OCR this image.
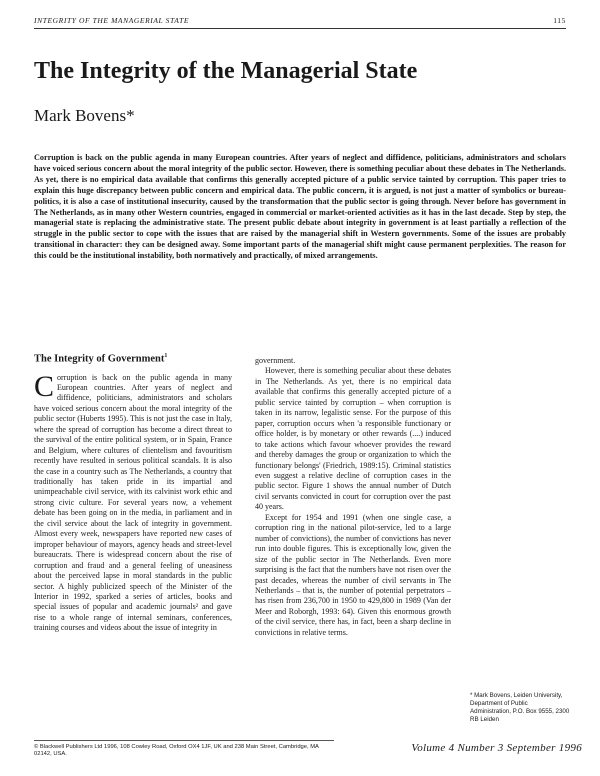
INTEGRITY OF THE MANAGERIAL STATE	115
The Integrity of the Managerial State
Mark Bovens*

Corruption is back on the public agenda in many European countries. After years of neglect and diffidence, politicians, administrators and scholars have voiced serious concern about the moral integrity of the public sector. However, there is something peculiar about these debates in The Netherlands. As yet, there is no empirical data available that confirms this generally accepted picture of a public service tainted by corruption. This paper tries to explain this huge discrepancy between public concern and empirical data. The public concern, it is argued, is not just a matter of symbolics or bureau-politics, it is also a case of institutional insecurity, caused by the transformation that the public sector is going through. Never before has government in The Netherlands, as in many other Western countries, engaged in commercial or market-oriented activities as it has in the last decade. Step by step, the managerial state is replacing the administrative state. The present public debate about integrity in government is at least partially a reflection of the struggle in the public sector to cope with the issues that are raised by the managerial shift in Western governments. Some of the issues are probably transitional in character: they can be designed away. Some important parts of the managerial shift might cause permanent perplexities. The reason for this could be the institutional instability, both normatively and practically, of mixed arrangements.

The Integrity of Government$^1$

Corruption is back on the public agenda in many European countries. After years of neglect and diffidence, politicians, administrators and scholars have voiced serious concern about the moral integrity of the public sector (Huberts 1995). This is not just the case in Italy, where the spread of corruption has become a direct threat to the survival of the entire political system, or in Spain, France and Belgium, where cultures of clientelism and favouritism recently have resulted in serious political scandals. It is also the case in a country such as The Netherlands, a country that traditionally has taken pride in its impartial and unimpeachable civil service, with its calvinist work ethic and strong civic culture. For several years now, a vehement debate has been going on in the media, in parliament and in the civil service about the lack of integrity in government. Almost every week, newspapers have reported new cases of improper behaviour of mayors, agency heads and street-level bureaucrats. There is widespread concern about the rise of corruption and fraud and a general feeling of uneasiness about the perceived lapse in moral standards in the public sector. A highly publicized speech of the Minister of the Interior in 1992, sparked a series of articles, books and special issues of popular and academic journals² and gave rise to a whole range of internal seminars, conferences, training courses and videos about the issue of integrity in

government.

However, there is something peculiar about these debates in The Netherlands. As yet, there is no empirical data available that confirms this generally accepted picture of a public service tainted by corruption – when corruption is taken in its narrow, legalistic sense. For the purpose of this paper, corruption occurs when 'a responsible functionary or office holder, is by monetary or other rewards (....) induced to take actions which favour whoever provides the reward and thereby damages the group or organization to which the functionary belongs' (Friedrich, 1989:15). Criminal statistics even suggest a relative decline of corruption cases in the public sector. Figure 1 shows the annual number of Dutch civil servants convicted in court for corruption over the past 40 years.

Except for 1954 and 1991 (when one single case, a corruption ring in the national pilot-service, led to a large number of convictions), the number of convictions has never run into double figures. This is exceptionally low, given the size of the public sector in The Netherlands. Even more surprising is the fact that the numbers have not risen over the past decades, whereas the number of civil servants in The Netherlands – that is, the number of potential perpetrators – has risen from 236,700 in 1950 to 429,800 in 1989 (Van der Meer and Roborgh, 1993: 64). Given this enormous growth of the civil service, there has, in fact, been a sharp decline in convictions in relative terms.

* Mark Bovens, Leiden University, Department of Public Administration, P.O. Box 9555, 2300 RB Leiden
© Blackwell Publishers Ltd 1996, 108 Cowley Road, Oxford OX4 1JF, UK and 238 Main Street, Cambridge, MA 02142, USA.	Volume 4 Number 3 September 1996
